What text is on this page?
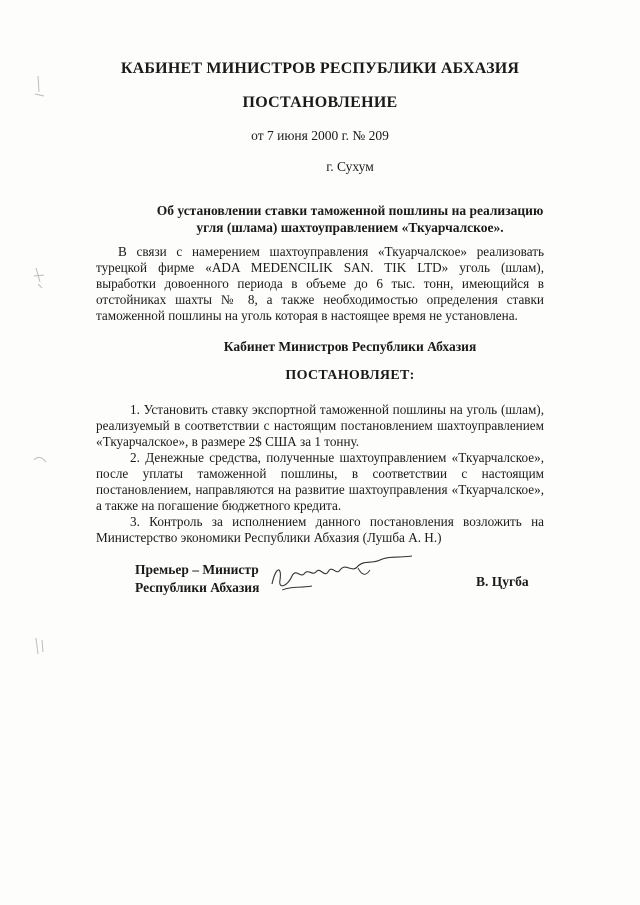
КАБИНЕТ МИНИСТРОВ РЕСПУБЛИКИ АБХАЗИЯ
ПОСТАНОВЛЕНИЕ
от 7 июня 2000 г. № 209
г. Сухум
Об установлении ставки таможенной пошлины на реализацию
угля (шлама) шахтоуправлением «Ткуарчалское».
В связи с намерением шахтоуправления «Ткуарчалское» реализовать турецкой фирме «ADA MEDENCILIK SAN. TIK LTD» уголь (шлам), выработки довоенного периода в объеме до 6 тыс. тонн, имеющийся в отстойниках шахты № 8, а также необходимостью определения ставки таможенной пошлины на уголь которая в настоящее время не установлена.
Кабинет Министров Республики Абхазия
ПОСТАНОВЛЯЕТ:

1. Установить ставку экспортной таможенной пошлины на уголь (шлам), реализуемый в соответствии с настоящим постановлением шахтоуправлением «Ткуарчалское», в размере 2$ США за 1 тонну.

2. Денежные средства, полученные шахтоуправлением «Ткуарчалское», после уплаты таможенной пошлины, в соответствии с настоящим постановлением, направляются на развитие шахтоуправления «Ткуарчалское», а также на погашение бюджетного кредита.

3. Контроль за исполнением данного постановления возложить на Министерство экономики Республики Абхазия (Лушба А. Н.)

Премьер – Министр
Республики Абхазия	В. Цугба
